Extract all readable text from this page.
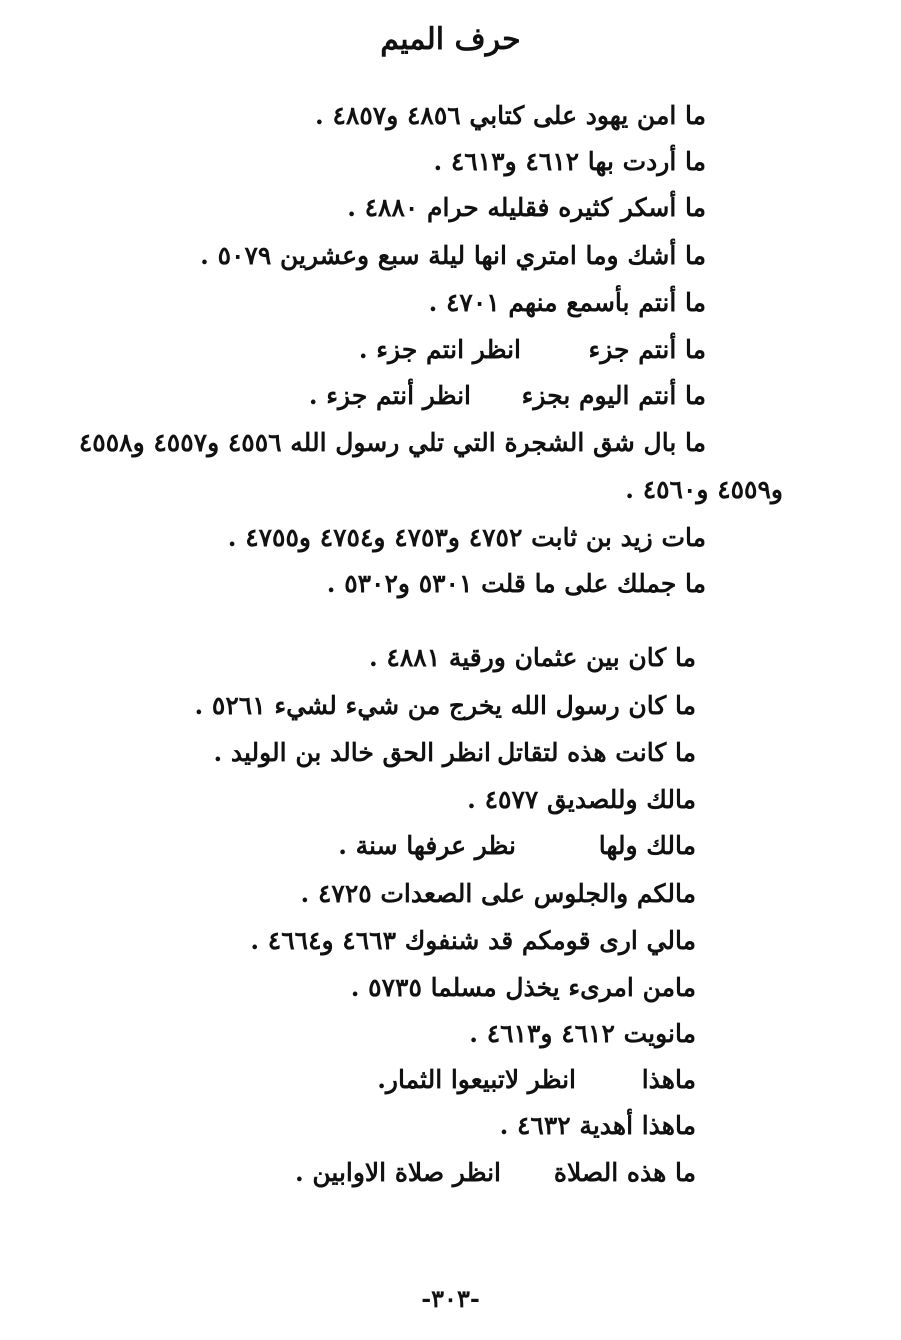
حرف الميم
ما امن يهود على كتابي ٤٨٥٦ و٤٨٥٧ .
ما أردت بها ٤٦١٢ و٤٦١٣ .
ما أسكر كثيره فقليله حرام ٤٨٨٠ .
ما أشك وما امتري انها ليلة سبع وعشرين ٥٠٧٩ .
ما أنتم بأسمع منهم ٤٧٠١ .
ما أنتم جزء
انظر انتم جزء .
ما أنتم اليوم بجزء
انظر أنتم جزء .
ما بال شق الشجرة التي تلي رسول الله ٤٥٥٦ و٤٥٥٧ و٤٥٥٨
و٤٥٥٩ و٤٥٦٠ .
مات زيد بن ثابت ٤٧٥٢ و٤٧٥٣ و٤٧٥٤ و٤٧٥٥ .
ما جملك على ما قلت ٥٣٠١ و٥٣٠٢ .
ما كان بين عثمان ورقية ٤٨٨١ .
ما كان رسول الله يخرج من شيء لشيء ٥٢٦١ .
ما كانت هذه لتقاتل
انظر الحق خالد بن الوليد .
مالك وللصديق ٤٥٧٧ .
مالك ولها
نظر عرفها سنة .
مالكم والجلوس على الصعدات ٤٧٢٥ .
مالي ارى قومكم قد شنفوك ٤٦٦٣ و٤٦٦٤ .
مامن امرىء يخذل مسلما ٥٧٣٥ .
مانويت ٤٦١٢ و٤٦١٣ .
ماهذا
انظر لاتبيعوا الثمار.
ماهذا أهدية ٤٦٣٢ .
ما هذه الصلاة
انظر صلاة الاوابين .
-٣٠٣-
